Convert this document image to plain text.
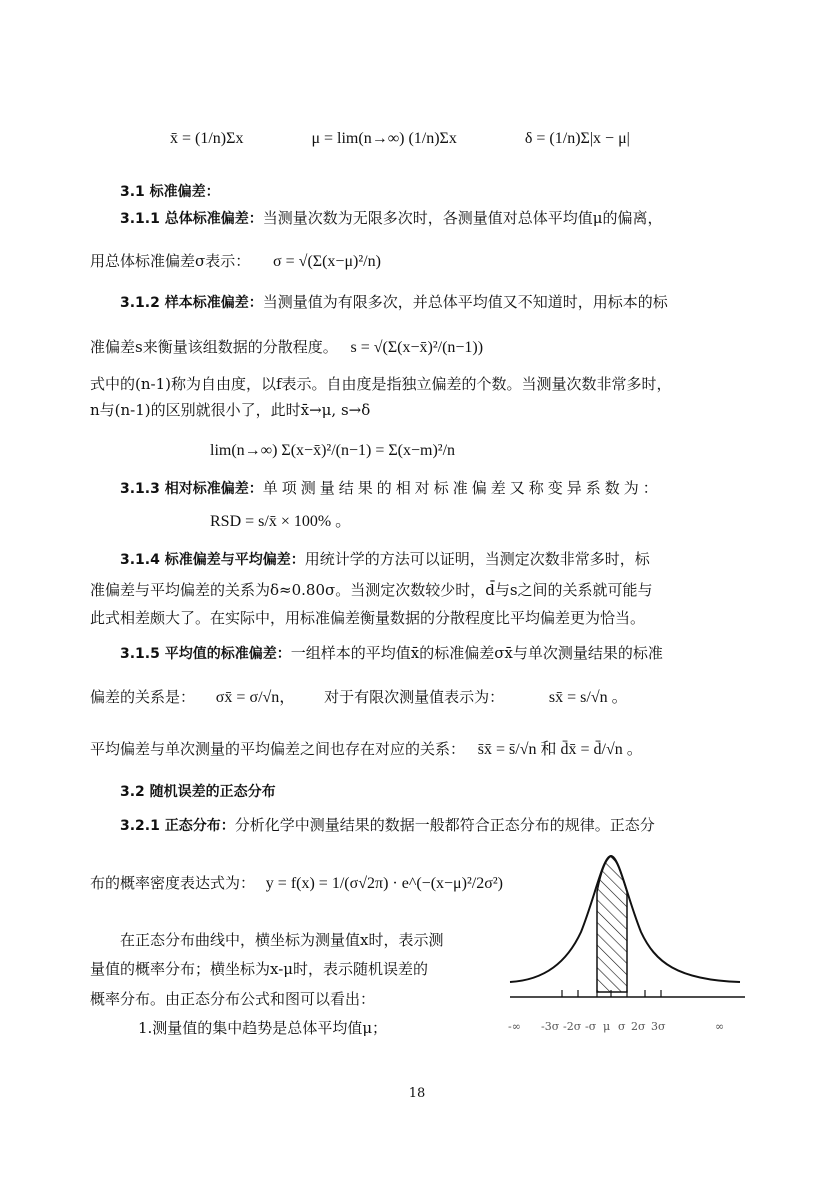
x̄ = (1/n)Σx	μ = lim(n→∞) (1/n)Σx	δ = (1/n)Σ|x − μ|
3.1 标准偏差：
3.1.1 总体标准偏差：当测量次数为无限多次时，各测量值对总体平均值μ的偏离，
用总体标准偏差σ表示： σ = √(Σ(x−μ)²/n)
3.1.2 样本标准偏差：当测量值为有限多次，并总体平均值又不知道时，用标本的标
准偏差s来衡量该组数据的分散程度。 s = √(Σ(x−x̄)²/(n−1))
式中的(n-1)称为自由度，以f表示。自由度是指独立偏差的个数。当测量次数非常多时，
n与(n-1)的区别就很小了，此时x̄→μ, s→δ
lim(n→∞) Σ(x−x̄)²/(n−1) = Σ(x−m)²/n
3.1.3 相对标准偏差：单项测量结果的相对标准偏差又称变异系数为：
RSD = s/x̄ × 100% 。
3.1.4 标准偏差与平均偏差：用统计学的方法可以证明，当测定次数非常多时，标
准偏差与平均偏差的关系为δ≈0.80σ。当测定次数较少时，d̄与s之间的关系就可能与
此式相差颇大了。在实际中，用标准偏差衡量数据的分散程度比平均偏差更为恰当。
3.1.5 平均值的标准偏差：一组样本的平均值x̄的标准偏差σx̄与单次测量结果的标准
偏差的关系是： σx̄ = σ/√n， 对于有限次测量值表示为：	sx̄ = s/√n 。
平均偏差与单次测量的平均偏差之间也存在对应的关系： s̄x̄ = s̄/√n 和 d̄x̄ = d̄/√n 。
3.2 随机误差的正态分布
3.2.1 正态分布：分析化学中测量结果的数据一般都符合正态分布的规律。正态分
布的概率密度表达式为： y = f(x) = 1/(σ√2π) · e^(−(x−μ)²/2σ²)
在正态分布曲线中，横坐标为测量值x时，表示测
量值的概率分布；横坐标为x-μ时，表示随机误差的
概率分布。由正态分布公式和图可以看出：
1.测量值的集中趋势是总体平均值μ；	-∞ -3σ -2σ -σ μ σ 2σ 3σ	∞
18
